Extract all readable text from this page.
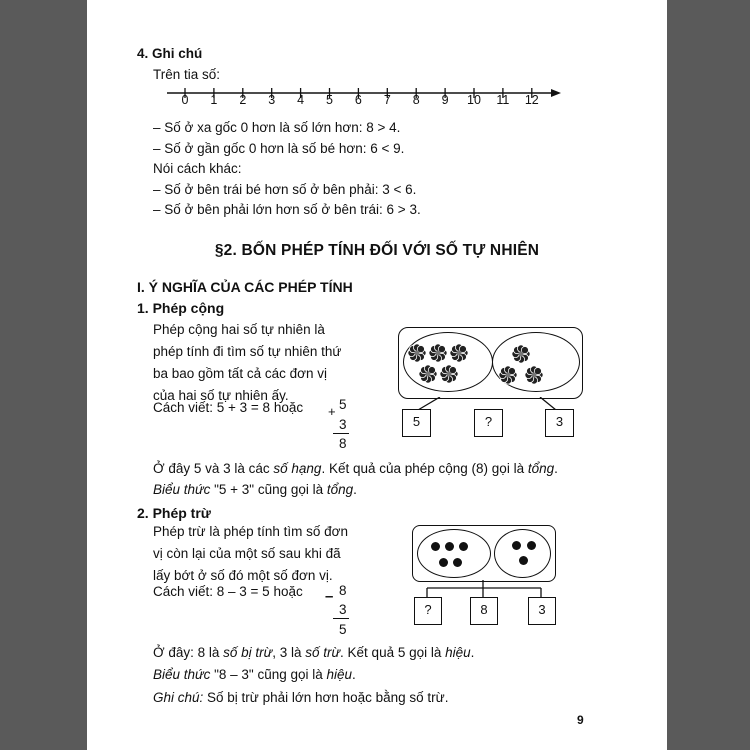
4. Ghi chú
Trên tia số:
– Số ở xa gốc 0 hơn là số lớn hơn: 8 > 4.
– Số ở gần gốc 0 hơn là số bé hơn: 6 < 9.
Nói cách khác:
– Số ở bên trái bé hơn số ở bên phải: 3 < 6.
– Số ở bên phải lớn hơn số ở bên trái: 6 > 3.
§2. BỐN PHÉP TÍNH ĐỐI VỚI SỐ TỰ NHIÊN
I. Ý NGHĨA CỦA CÁC PHÉP TÍNH
1. Phép cộng
Phép cộng hai số tự nhiên là
phép tính đi tìm số tự nhiên thứ
ba bao gồm tất cả các đơn vị
của hai số tự nhiên ấy.
Cách viết: 5 + 3 = 8 hoặc + 5
3
8
5	?	3
Ở đây 5 và 3 là các số hạng. Kết quả của phép cộng (8) gọi là tổng.
Biểu thức "5 + 3" cũng gọi là tổng.
2. Phép trừ
Phép trừ là phép tính tìm số đơn
vị còn lại của một số sau khi đã
lấy bớt ở số đó một số đơn vị.
Cách viết: 8 – 3 = 5 hoặc – 8
3
5
?	8	3
Ở đây: 8 là số bị trừ, 3 là số trừ. Kết quả 5 gọi là hiệu.
Biểu thức "8 – 3" cũng gọi là hiệu.
Ghi chú: Số bị trừ phải lớn hơn hoặc bằng số trừ.
9
0	1	2	3	4	5	6	7	8	9	10 11 12
